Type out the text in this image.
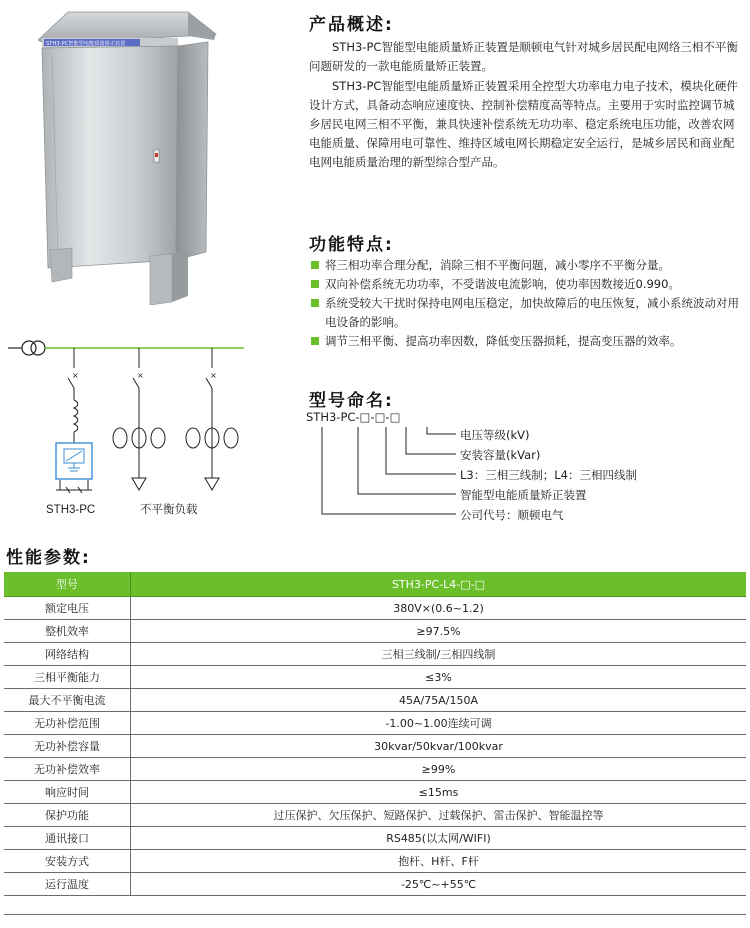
STH3-PC智能型电能质量矫正装置
产品概述:
STH3-PC智能型电能质量矫正装置是顺顿电气针对城乡居民配电网络三相不平衡问题研发的一款电能质量矫正装置。
STH3-PC智能型电能质量矫正装置采用全控型大功率电力电子技术，模块化硬件设计方式，具备动态响应速度快、控制补偿精度高等特点。主要用于实时监控调节城乡居民电网三相不平衡，兼具快速补偿系统无功功率、稳定系统电压功能，改善农网电能质量、保障用电可靠性、维持区域电网长期稳定安全运行，是城乡居民和商业配电网电能质量治理的新型综合型产品。
功能特点:
将三相功率合理分配，消除三相不平衡问题，减小零序不平衡分量。
双向补偿系统无功功率，不受谐波电流影响，使功率因数接近0.990。
系统受较大干扰时保持电网电压稳定，加快故障后的电压恢复，减小系统波动对用电设备的影响。
调节三相平衡、提高功率因数，降低变压器损耗，提高变压器的效率。
×
STH3-PC
×	×
不平衡负载
型号命名:
STH3-PC-□-□-□
电压等级(kV)
安装容量(kVar)
L3：三相三线制；L4：三相四线制
智能型电能质量矫正装置
公司代号：顺顿电气
性能参数:
型号	STH3-PC-L4-□-□
额定电压	380V×(0.6~1.2)
整机效率	≥97.5%
网络结构	三相三线制/三相四线制
三相平衡能力	≤3%
最大不平衡电流	45A/75A/150A
无功补偿范围	-1.00~1.00连续可调
无功补偿容量	30kvar/50kvar/100kvar
无功补偿效率	≥99%
响应时间	≤15ms
保护功能	过压保护、欠压保护、短路保护、过载保护、雷击保护、智能温控等
通讯接口	RS485(以太网/WIFI)
安装方式	抱杆、H杆、F杆
运行温度	-25℃~+55℃
